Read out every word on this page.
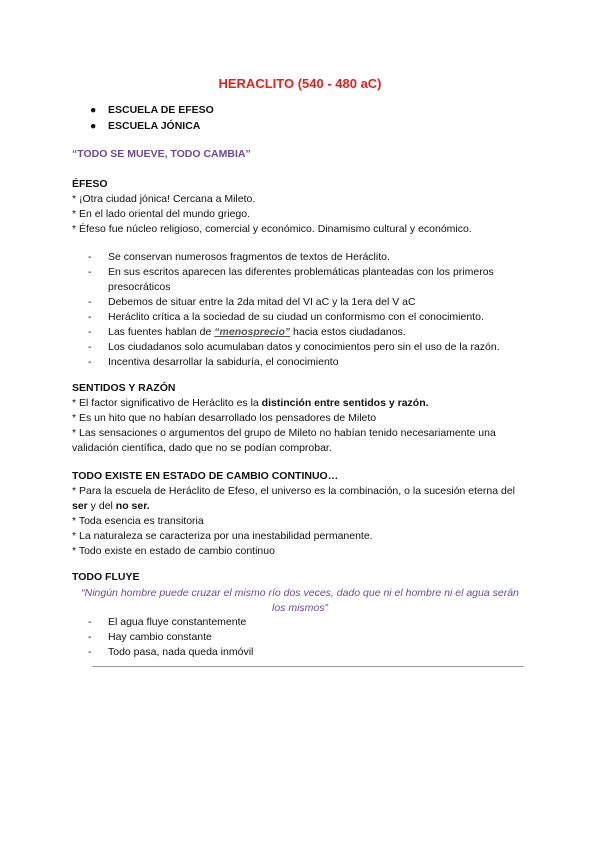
HERACLITO (540 - 480 aC)
● ESCUELA DE EFESO
● ESCUELA JÓNICA
“TODO SE MUEVE, TODO CAMBIA”
ÉFESO

* ¡Otra ciudad jónica! Cercana a Mileto.

* En el lado oriental del mundo griego.

* Éfeso fue núcleo religioso, comercial y económico. Dinamismo cultural y económico.

-	Se conservan numerosos fragmentos de textos de Heráclito.
-	En sus escritos aparecen las diferentes problemáticas planteadas con los primeros presocráticos
-	Debemos de situar entre la 2da mitad del VI aC y la 1era del V aC
-	Heráclito crítica a la sociedad de su ciudad un conformismo con el conocimiento.
-	Las fuentes hablan de “menosprecio” hacia estos ciudadanos.
-	Los ciudadanos solo acumulaban datos y conocimientos pero sin el uso de la razón.
-	Incentiva desarrollar la sabiduría, el conocimiento
SENTIDOS Y RAZÓN

* El factor significativo de Heráclito es la distinción entre sentidos y razón.

* Es un hito que no habían desarrollado los pensadores de Mileto

* Las sensaciones o argumentos del grupo de Mileto no habían tenido necesariamente una validación científica, dado que no se podían comprobar.

TODO EXISTE EN ESTADO DE CAMBIO CONTINUO…

* Para la escuela de Heráclito de Efeso, el universo es la combinación, o la sucesión eterna del ser y del no ser.

* Toda esencia es transitoria

* La naturaleza se caracteriza por una inestabilidad permanente.

* Todo existe en estado de cambio continuo

TODO FLUYE
“Ningún hombre puede cruzar el mismo río dos veces, dado que ni el hombre ni el agua serán los mismos”
-	El agua fluye constantemente
-	Hay cambio constante
-	Todo pasa, nada queda inmóvil
